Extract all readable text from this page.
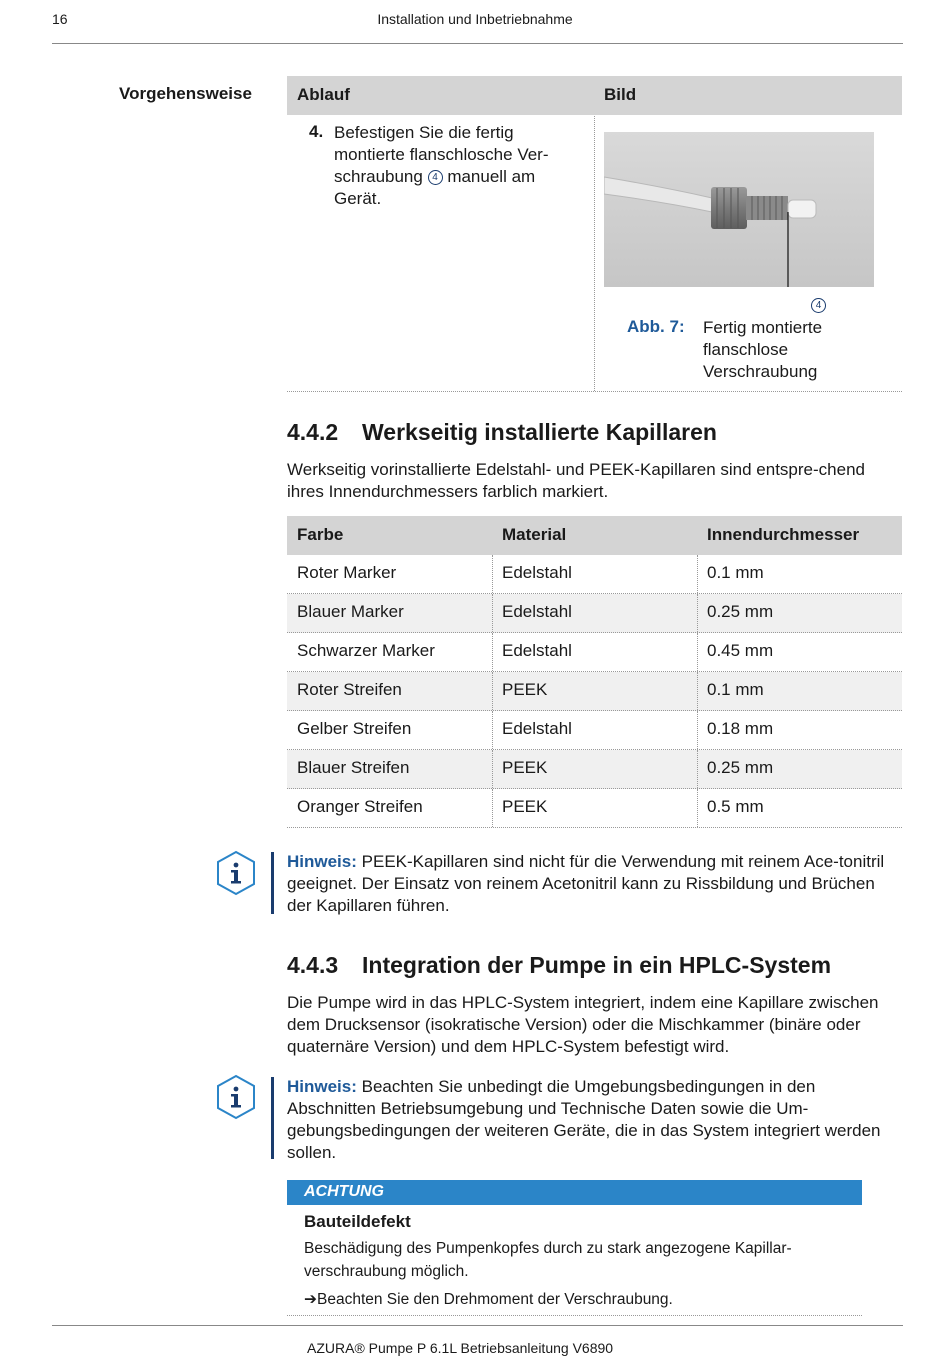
16	Installation und Inbetriebnahme
Vorgehensweise	Ablauf	Bild
4. Befestigen Sie die fertig montierte flanschlosche Ver-schraubung 4 manuell am Gerät.
4
Abb. 7: Fertig montierte flanschlose Verschraubung
4.4.2 Werkseitig installierte Kapillaren
Werkseitig vorinstallierte Edelstahl- und PEEK-Kapillaren sind entspre-chend ihres Innendurchmessers farblich markiert.
Farbe	Material	Innendurchmesser
Roter Marker	Edelstahl	0.1 mm
Blauer Marker	Edelstahl	0.25 mm
Schwarzer Marker	Edelstahl	0.45 mm
Roter Streifen	PEEK	0.1 mm
Gelber Streifen	Edelstahl	0.18 mm
Blauer Streifen	PEEK	0.25 mm
Oranger Streifen	PEEK	0.5 mm
Hinweis: PEEK-Kapillaren sind nicht für die Verwendung mit reinem Ace-tonitril geeignet. Der Einsatz von reinem Acetonitril kann zu Rissbildung und Brüchen der Kapillaren führen.
4.4.3 Integration der Pumpe in ein HPLC-System
Die Pumpe wird in das HPLC-System integriert, indem eine Kapillare zwischen dem Drucksensor (isokratische Version) oder die Mischkammer (binäre oder quaternäre Version) und dem HPLC-System befestigt wird.
Hinweis: Beachten Sie unbedingt die Umgebungsbedingungen in den Abschnitten Betriebsumgebung und Technische Daten sowie die Um-gebungsbedingungen der weiteren Geräte, die in das System integriert werden sollen.
ACHTUNG
Bauteildefekt
Beschädigung des Pumpenkopfes durch zu stark angezogene Kapillar-verschraubung möglich.
➔Beachten Sie den Drehmoment der Verschraubung.
AZURA® Pumpe P 6.1L Betriebsanleitung V6890
